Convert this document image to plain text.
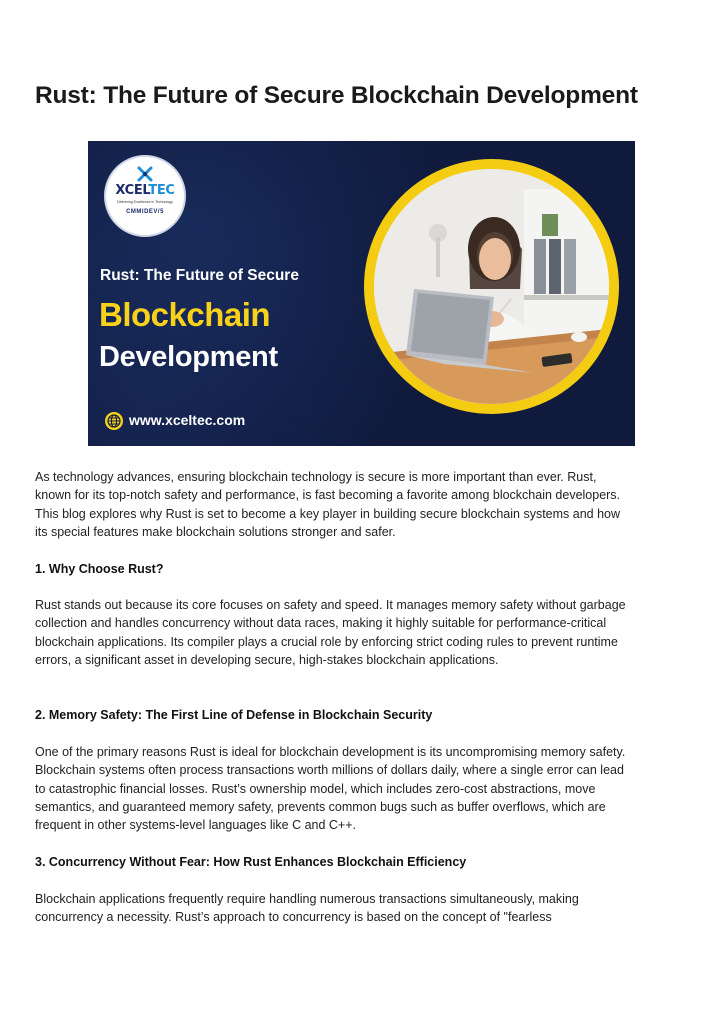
Rust: The Future of Secure Blockchain Development
XCELTEC
Delivering Excellence in Technology
CMMIDEV/5

Rust: The Future of Secure

Blockchain

Development

www.xceltec.com

As technology advances, ensuring blockchain technology is secure is more important than ever. Rust, known for its top-notch safety and performance, is fast becoming a favorite among blockchain developers. This blog explores why Rust is set to become a key player in building secure blockchain systems and how its special features make blockchain solutions stronger and safer.

1. Why Choose Rust?

Rust stands out because its core focuses on safety and speed. It manages memory safety without garbage collection and handles concurrency without data races, making it highly suitable for performance-critical blockchain applications. Its compiler plays a crucial role by enforcing strict coding rules to prevent runtime errors, a significant asset in developing secure, high-stakes blockchain applications.

2. Memory Safety: The First Line of Defense in Blockchain Security

One of the primary reasons Rust is ideal for blockchain development is its uncompromising memory safety. Blockchain systems often process transactions worth millions of dollars daily, where a single error can lead to catastrophic financial losses. Rust’s ownership model, which includes zero-cost abstractions, move semantics, and guaranteed memory safety, prevents common bugs such as buffer overflows, which are frequent in other systems-level languages like C and C++.

3. Concurrency Without Fear: How Rust Enhances Blockchain Efficiency

Blockchain applications frequently require handling numerous transactions simultaneously, making concurrency a necessity. Rust’s approach to concurrency is based on the concept of "fearless
